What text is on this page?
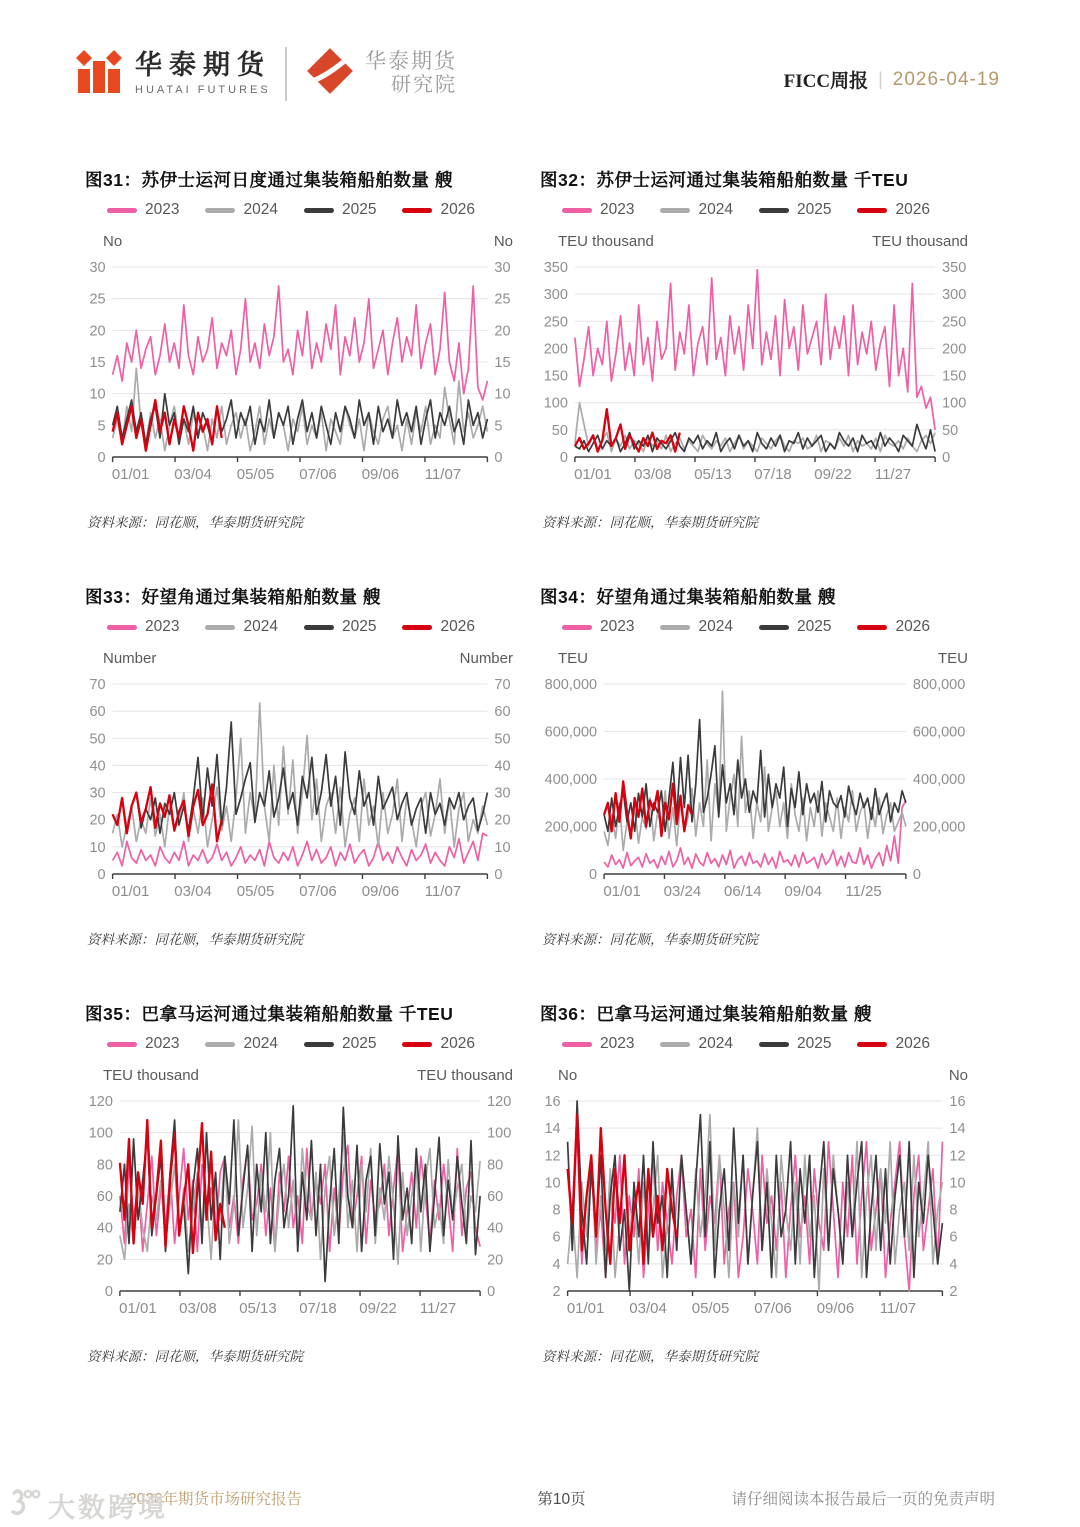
华泰期货
HUATAI FUTURES
华泰期货
研究院	FICC周报 | 2026-04-19
图31：苏伊士运河日度通过集装箱船舶数量 艘
2023	2024	2025	2026
No	No
0	0
5	5
10	10
15	15
20	20
25	25
30	30
01/01 03/04 05/05 07/06 09/06 11/07

资料来源：同花顺，华泰期货研究院

图32：苏伊士运河通过集装箱船舶数量 千TEU
2023	2024	2025	2026
TEU thousand	TEU thousand
0	0
50	50
100	100
150	150
200	200
250	250
300	300
350	350
01/01 03/08 05/13 07/18 09/22 11/27

资料来源：同花顺，华泰期货研究院

图33：好望角通过集装箱船舶数量 艘
2023	2024	2025	2026
Number	Number
0	0
10	10
20	20
30	30
40	40
50	50
60	60
70	70
01/01 03/04 05/05 07/06 09/06 11/07

资料来源：同花顺，华泰期货研究院

图34：好望角通过集装箱船舶数量 艘
2023	2024	2025	2026
TEU	TEU
0	0
200,000	200,000
400,000	400,000
600,000	600,000
800,000	800,000
01/01 03/24 06/14 09/04 11/25

资料来源：同花顺，华泰期货研究院

图35：巴拿马运河通过集装箱船舶数量 千TEU
2023	2024	2025	2026
TEU thousand	TEU thousand
0	0
20	20
40	40
60	60
80	80
100	100
120	120
01/01 03/08 05/13 07/18 09/22 11/27

资料来源：同花顺，华泰期货研究院

图36：巴拿马运河通过集装箱船舶数量 艘
2023	2024	2025	2026
No	No
2	2
4	4
6	6
8	8
10	10
12	12
14	14
16	16
01/01 03/04 05/05 07/06 09/06 11/07

资料来源：同花顺，华泰期货研究院

2026年期货市场研究报告	第10页	请仔细阅读本报告最后一页的免责声明
大数跨境
